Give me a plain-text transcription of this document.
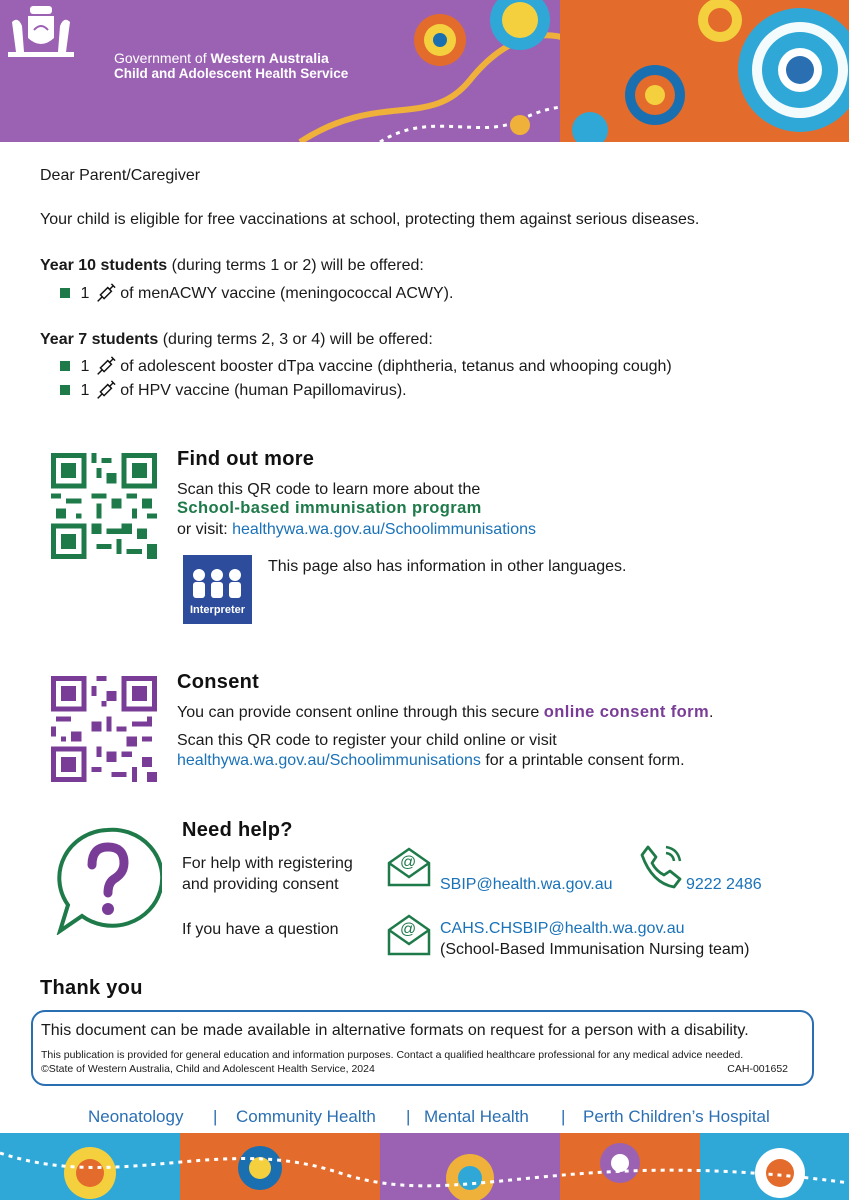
Government of Western Australia
Child and Adolescent Health Service
Dear Parent/Caregiver
Your child is eligible for free vaccinations at school, protecting them against serious diseases.
Year 10 students (during terms 1 or 2) will be offered:
1 of menACWY vaccine (meningococcal ACWY).
Year 7 students (during terms 2, 3 or 4) will be offered:
1 of adolescent booster dTpa vaccine (diphtheria, tetanus and whooping cough)
1 of HPV vaccine (human Papillomavirus).
Find out more
Scan this QR code to learn more about the
School-based immunisation program
or visit: healthywa.wa.gov.au/Schoolimmunisations
Interpreter
This page also has information in other languages.
Consent
You can provide consent online through this secure online consent form.
Scan this QR code to register your child online or visit
healthywa.wa.gov.au/Schoolimmunisations for a printable consent form.
Need help?
For help with registering
and providing consent
@
SBIP@health.wa.gov.au	9222 2486
If you have a question	@ CAHS.CHSBIP@health.wa.gov.au
(School-Based Immunisation Nursing team)
Thank you
This document can be made available in alternative formats on request for a person with a disability.
This publication is provided for general education and information purposes. Contact a qualified healthcare professional for any medical advice needed.
©State of Western Australia, Child and Adolescent Health Service, 2024	CAH-001652
Neonatology | Community Health | Mental Health | Perth Children’s Hospital
